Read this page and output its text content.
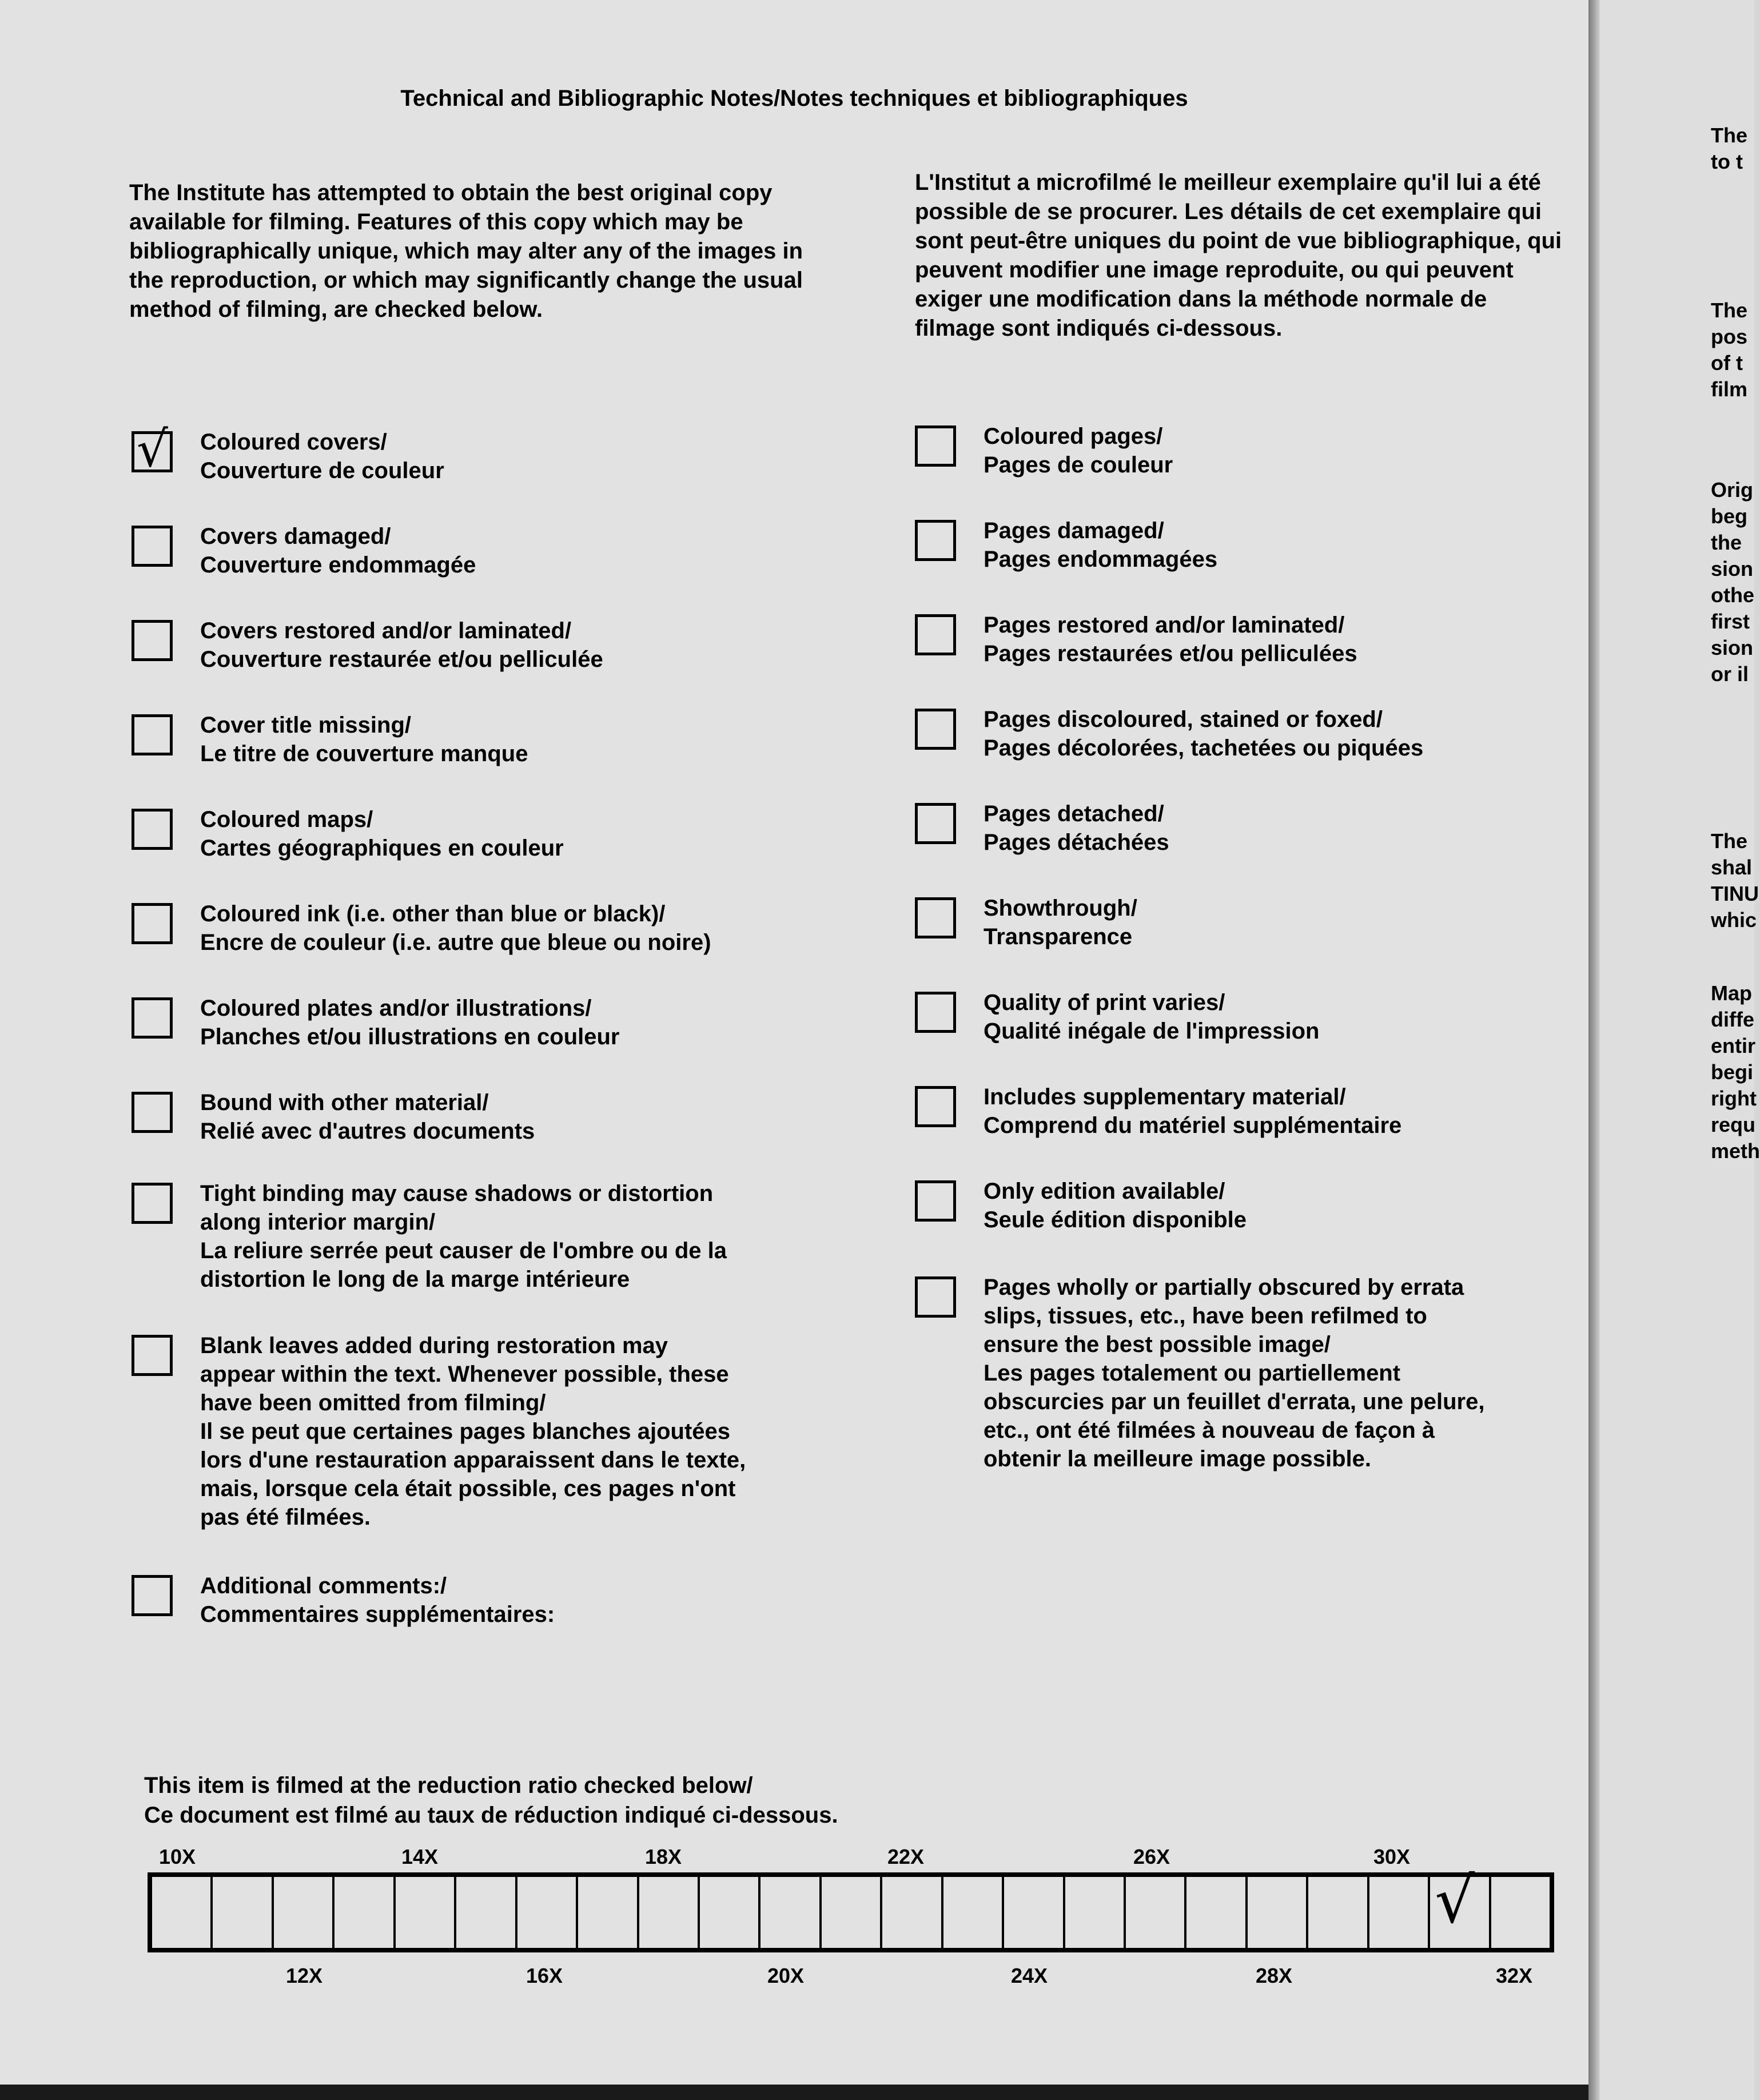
Technical and Bibliographic Notes/Notes techniques et bibliographiques

The Institute has attempted to obtain the best original copy available for filming. Features of this copy which may be bibliographically unique, which may alter any of the images in the reproduction, or which may significantly change the usual method of filming, are checked below.

L'Institut a microfilmé le meilleur exemplaire qu'il lui a été possible de se procurer. Les détails de cet exemplaire qui sont peut-être uniques du point de vue bibliographique, qui peuvent modifier une image reproduite, ou qui peuvent exiger une modification dans la méthode normale de filmage sont indiqués ci-dessous.

√ Coloured covers/
Couverture de couleur
Covers damaged/
Couverture endommagée
Covers restored and/or laminated/
Couverture restaurée et/ou pelliculée
Cover title missing/
Le titre de couverture manque
Coloured maps/
Cartes géographiques en couleur
Coloured ink (i.e. other than blue or black)/
Encre de couleur (i.e. autre que bleue ou noire)
Coloured plates and/or illustrations/
Planches et/ou illustrations en couleur
Bound with other material/
Relié avec d'autres documents
Tight binding may cause shadows or distortion
along interior margin/
La reliure serrée peut causer de l'ombre ou de la
distortion le long de la marge intérieure
Blank leaves added during restoration may
appear within the text. Whenever possible, these
have been omitted from filming/
Il se peut que certaines pages blanches ajoutées
lors d'une restauration apparaissent dans le texte,
mais, lorsque cela était possible, ces pages n'ont
pas été filmées.
Additional comments:/
Commentaires supplémentaires:
Coloured pages/
Pages de couleur
Pages damaged/
Pages endommagées
Pages restored and/or laminated/
Pages restaurées et/ou pelliculées
Pages discoloured, stained or foxed/
Pages décolorées, tachetées ou piquées
Pages detached/
Pages détachées
Showthrough/
Transparence
Quality of print varies/
Qualité inégale de l'impression
Includes supplementary material/
Comprend du matériel supplémentaire
Only edition available/
Seule édition disponible
Pages wholly or partially obscured by errata
slips, tissues, etc., have been refilmed to
ensure the best possible image/
Les pages totalement ou partiellement
obscurcies par un feuillet d'errata, une pelure,
etc., ont été filmées à nouveau de façon à
obtenir la meilleure image possible.
This item is filmed at the reduction ratio checked below/
Ce document est filmé au taux de réduction indiqué ci-dessous.
10X	14X	18X	22X	26X	30X
√
12X	16X	20X	24X	28X	32X
The
to t
The
pos
of t
film
Orig
beg
the
sion
othe
first
sion
or il
The
shal
TINU
whic
Map
diffe
entir
begi
right
requ
meth
